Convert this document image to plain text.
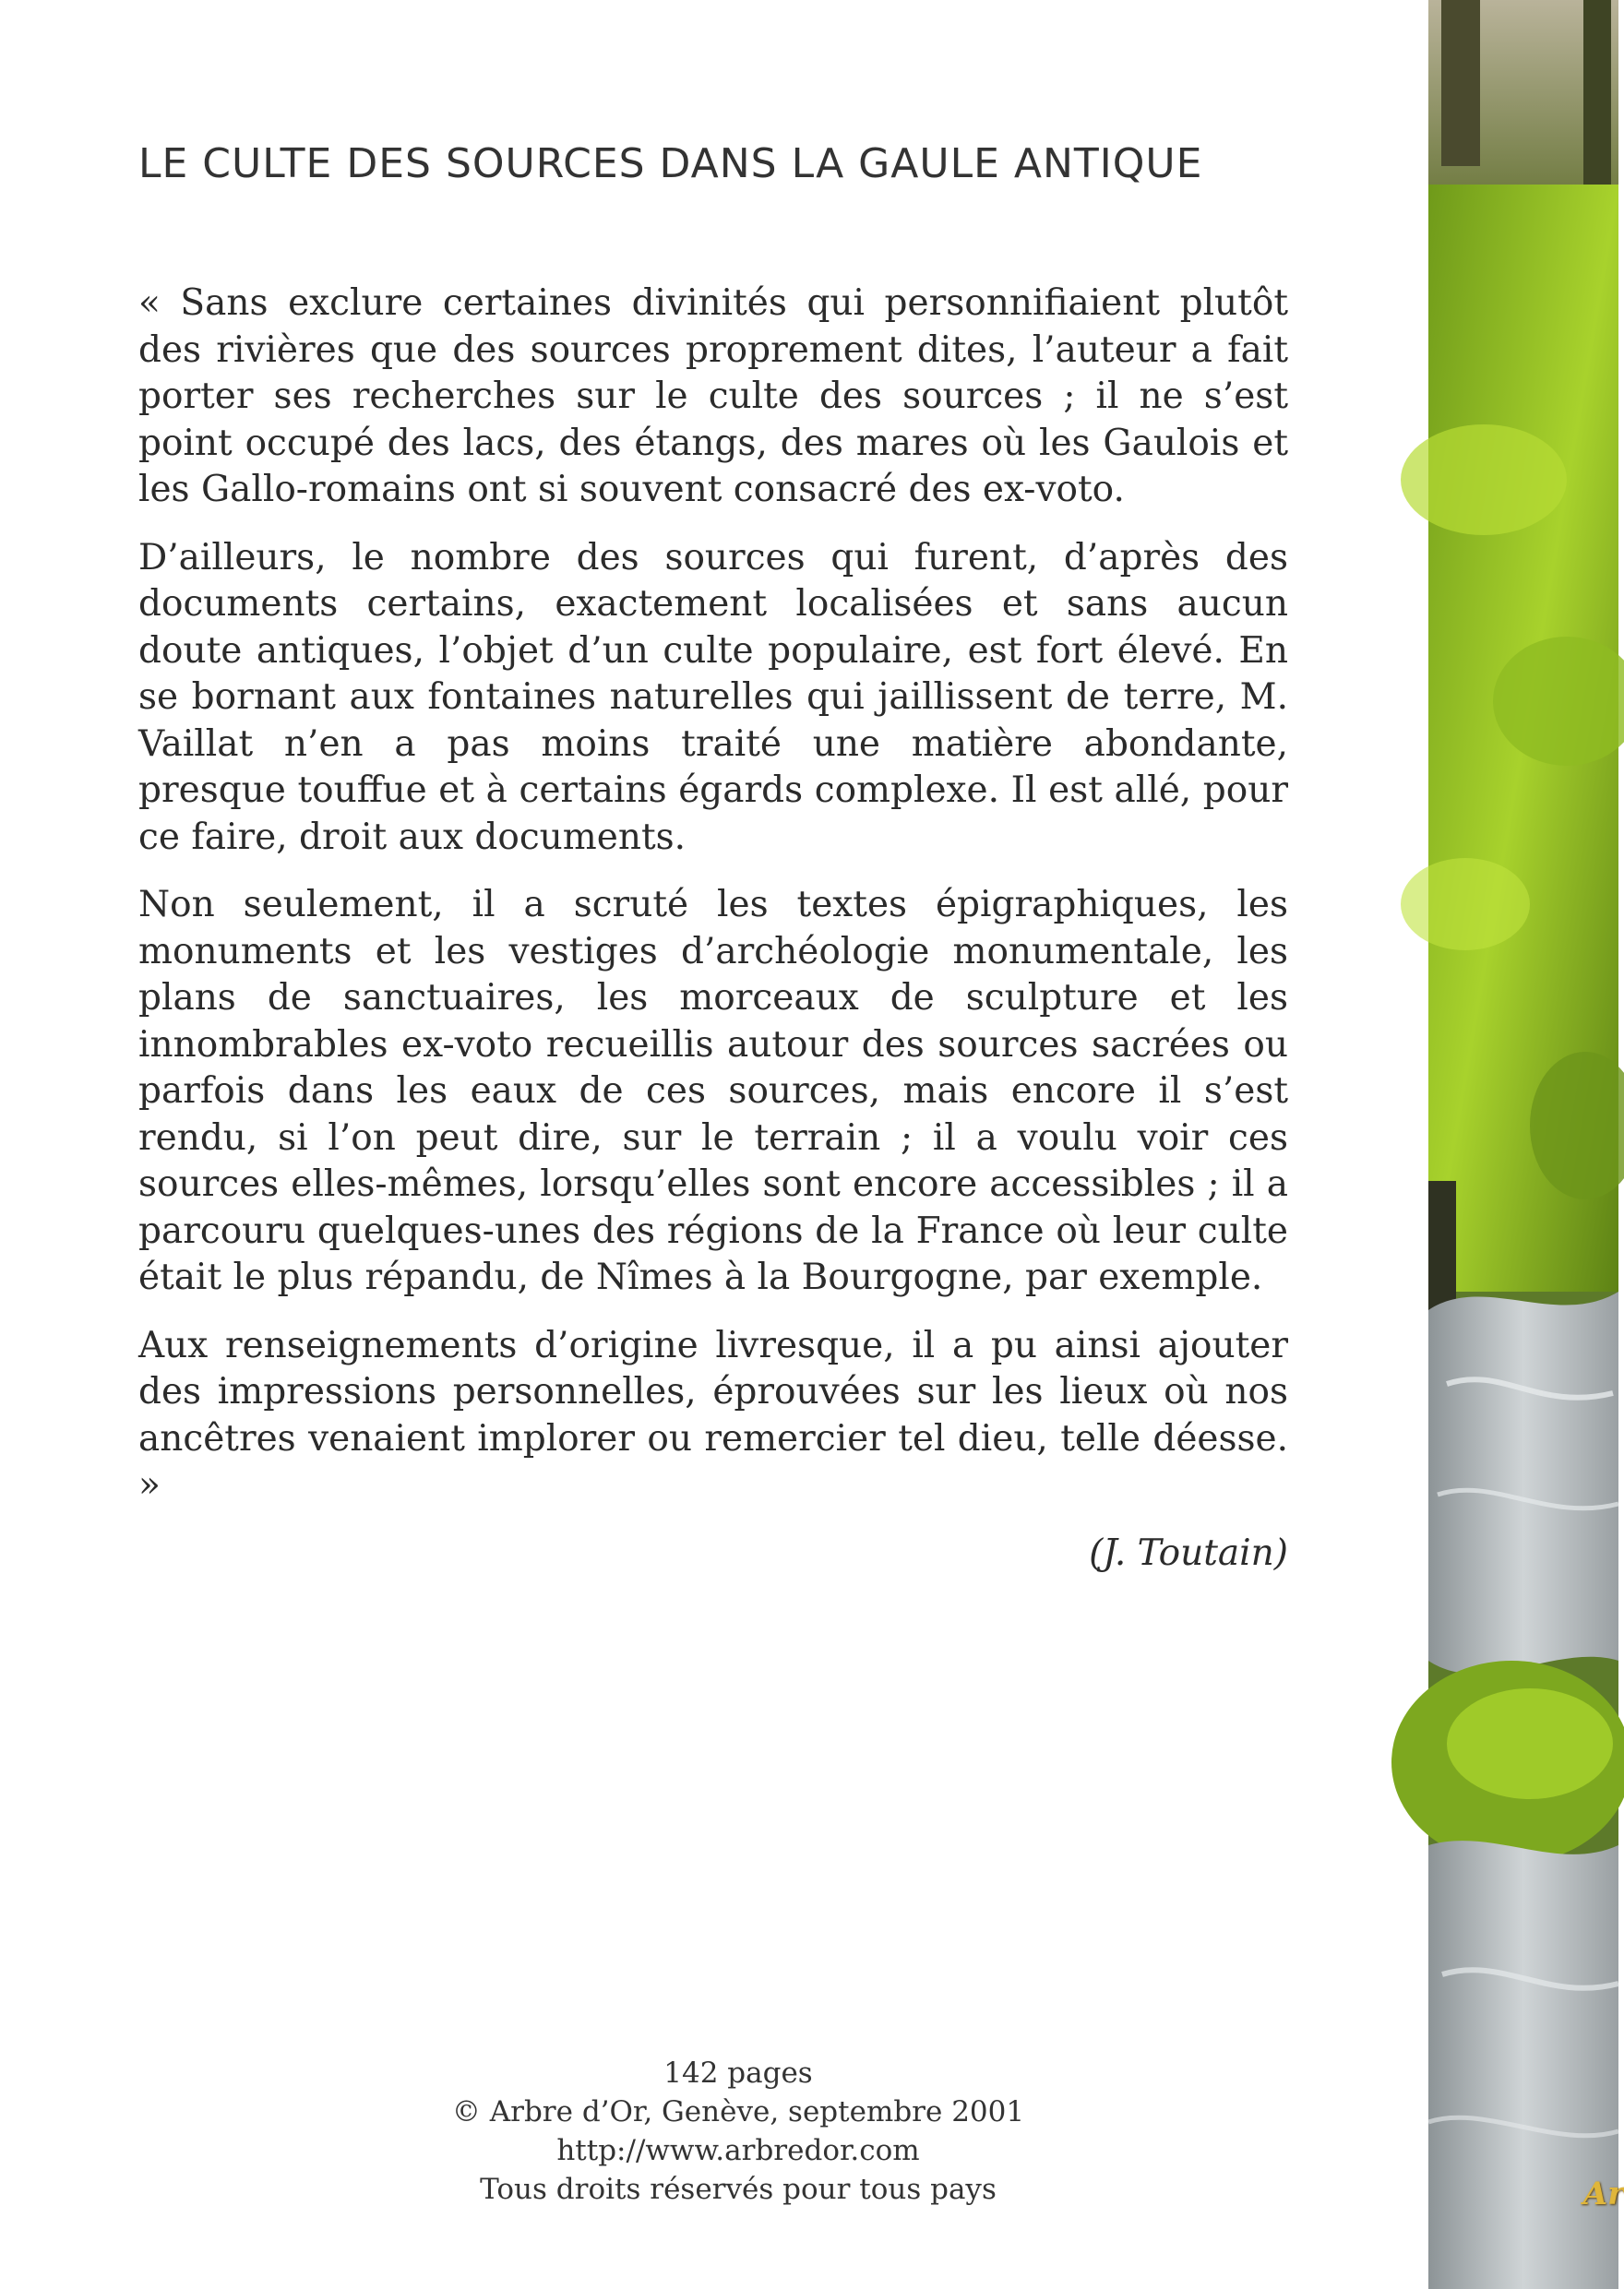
LE CULTE DES SOURCES DANS LA GAULE ANTIQUE

« Sans exclure certaines divinités qui personnifiaient plutôt des rivières que des sources proprement dites, l’auteur a fait porter ses recherches sur le culte des sources ; il ne s’est point occupé des lacs, des étangs, des mares où les Gaulois et les Gallo-romains ont si souvent consacré des ex-voto.

D’ailleurs, le nombre des sources qui furent, d’après des documents certains, exactement localisées et sans aucun doute antiques, l’objet d’un culte populaire, est fort élevé. En se bornant aux fontaines naturelles qui jaillissent de terre, M. Vaillat n’en a pas moins traité une matière abondante, presque touffue et à certains égards complexe. Il est allé, pour ce faire, droit aux documents.

Non seulement, il a scruté les textes épigraphiques, les monuments et les vestiges d’archéologie monumentale, les plans de sanctuaires, les morceaux de sculpture et les innombrables ex-voto recueillis autour des sources sacrées ou parfois dans les eaux de ces sources, mais encore il s’est rendu, si l’on peut dire, sur le terrain ; il a voulu voir ces sources elles-mêmes, lorsqu’elles sont encore accessibles ; il a parcouru quelques-unes des régions de la France où leur culte était le plus répandu, de Nîmes à la Bourgogne, par exemple.

Aux renseignements d’origine livresque, il a pu ainsi ajouter des impressions personnelles, éprouvées sur les lieux où nos ancêtres venaient implorer ou remercier tel dieu, telle déesse. »

(J. Toutain)

142 pages
© Arbre d’Or, Genève, septembre 2001
http://www.arbredor.com
Tous droits réservés pour tous pays	Ar
